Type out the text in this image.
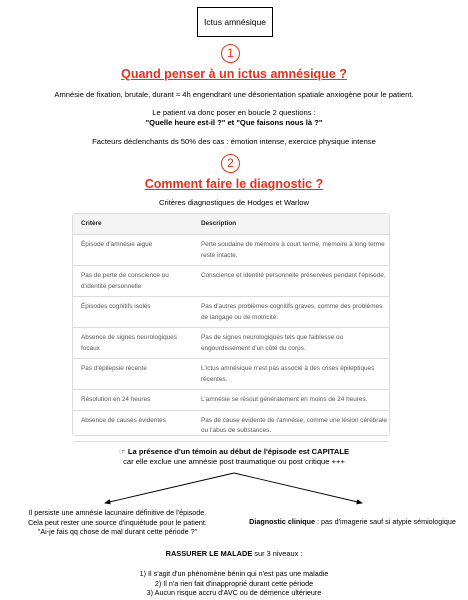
Ictus amnésique
1
Quand penser à un ictus amnésique ?
Amnésie de fixation, brutale, durant ≈ 4h engendrant une désorientation spatiale anxiogène pour le patient.
Le patient va donc poser en boucle 2 questions :
"Quelle heure est-il ?" et "Que faisons nous là ?"
Facteurs déclenchants ds 50% des cas : émotion intense, exercice physique intense
2
Comment faire le diagnostic ?
Critères diagnostiques de Hodges et Warlow
Critère	Description
Épisode d'amnésie aiguë	Perte soudaine de mémoire à court terme, mémoire à long terme reste intacte.
Pas de perte de conscience ou d'identité personnelle	Conscience et identité personnelle préservées pendant l'épisode.
Épisodes cognitifs isolés	Pas d'autres problèmes cognitifs graves, comme des problèmes de langage ou de motricité.
Absence de signes neurologiques focaux	Pas de signes neurologiques tels que faiblesse ou engourdissement d'un côté du corps.
Pas d'épilepsie récente	L'ictus amnésique n'est pas associé à des crises épileptiques récentes.
Résolution en 24 heures	L'amnésie se résout généralement en moins de 24 heures.
Absence de causes évidentes	Pas de cause évidente de l'amnésie, comme une lésion cérébrale ou l'abus de substances.
☞ La présence d'un témoin au début de l'épisode est CAPITALE
car elle exclue une amnésie post traumatique ou post critique +++
Il persiste une amnésie lacunaire définitive de l'épisode.
Cela peut rester une source d'inquiétude pour le patient.
"Ai-je fais qq chose de mal durant cette période ?"
Diagnostic clinique : pas d'imagerie sauf si atypie sémiologique
RASSURER LE MALADE sur 3 niveaux :
1) Il s'agit d'un phénomène bénin qui n'est pas une maladie
2) Il n'a rien fait d'inapproprié durant cette période
3) Aucun risque accru d'AVC ou de démence ultérieure
